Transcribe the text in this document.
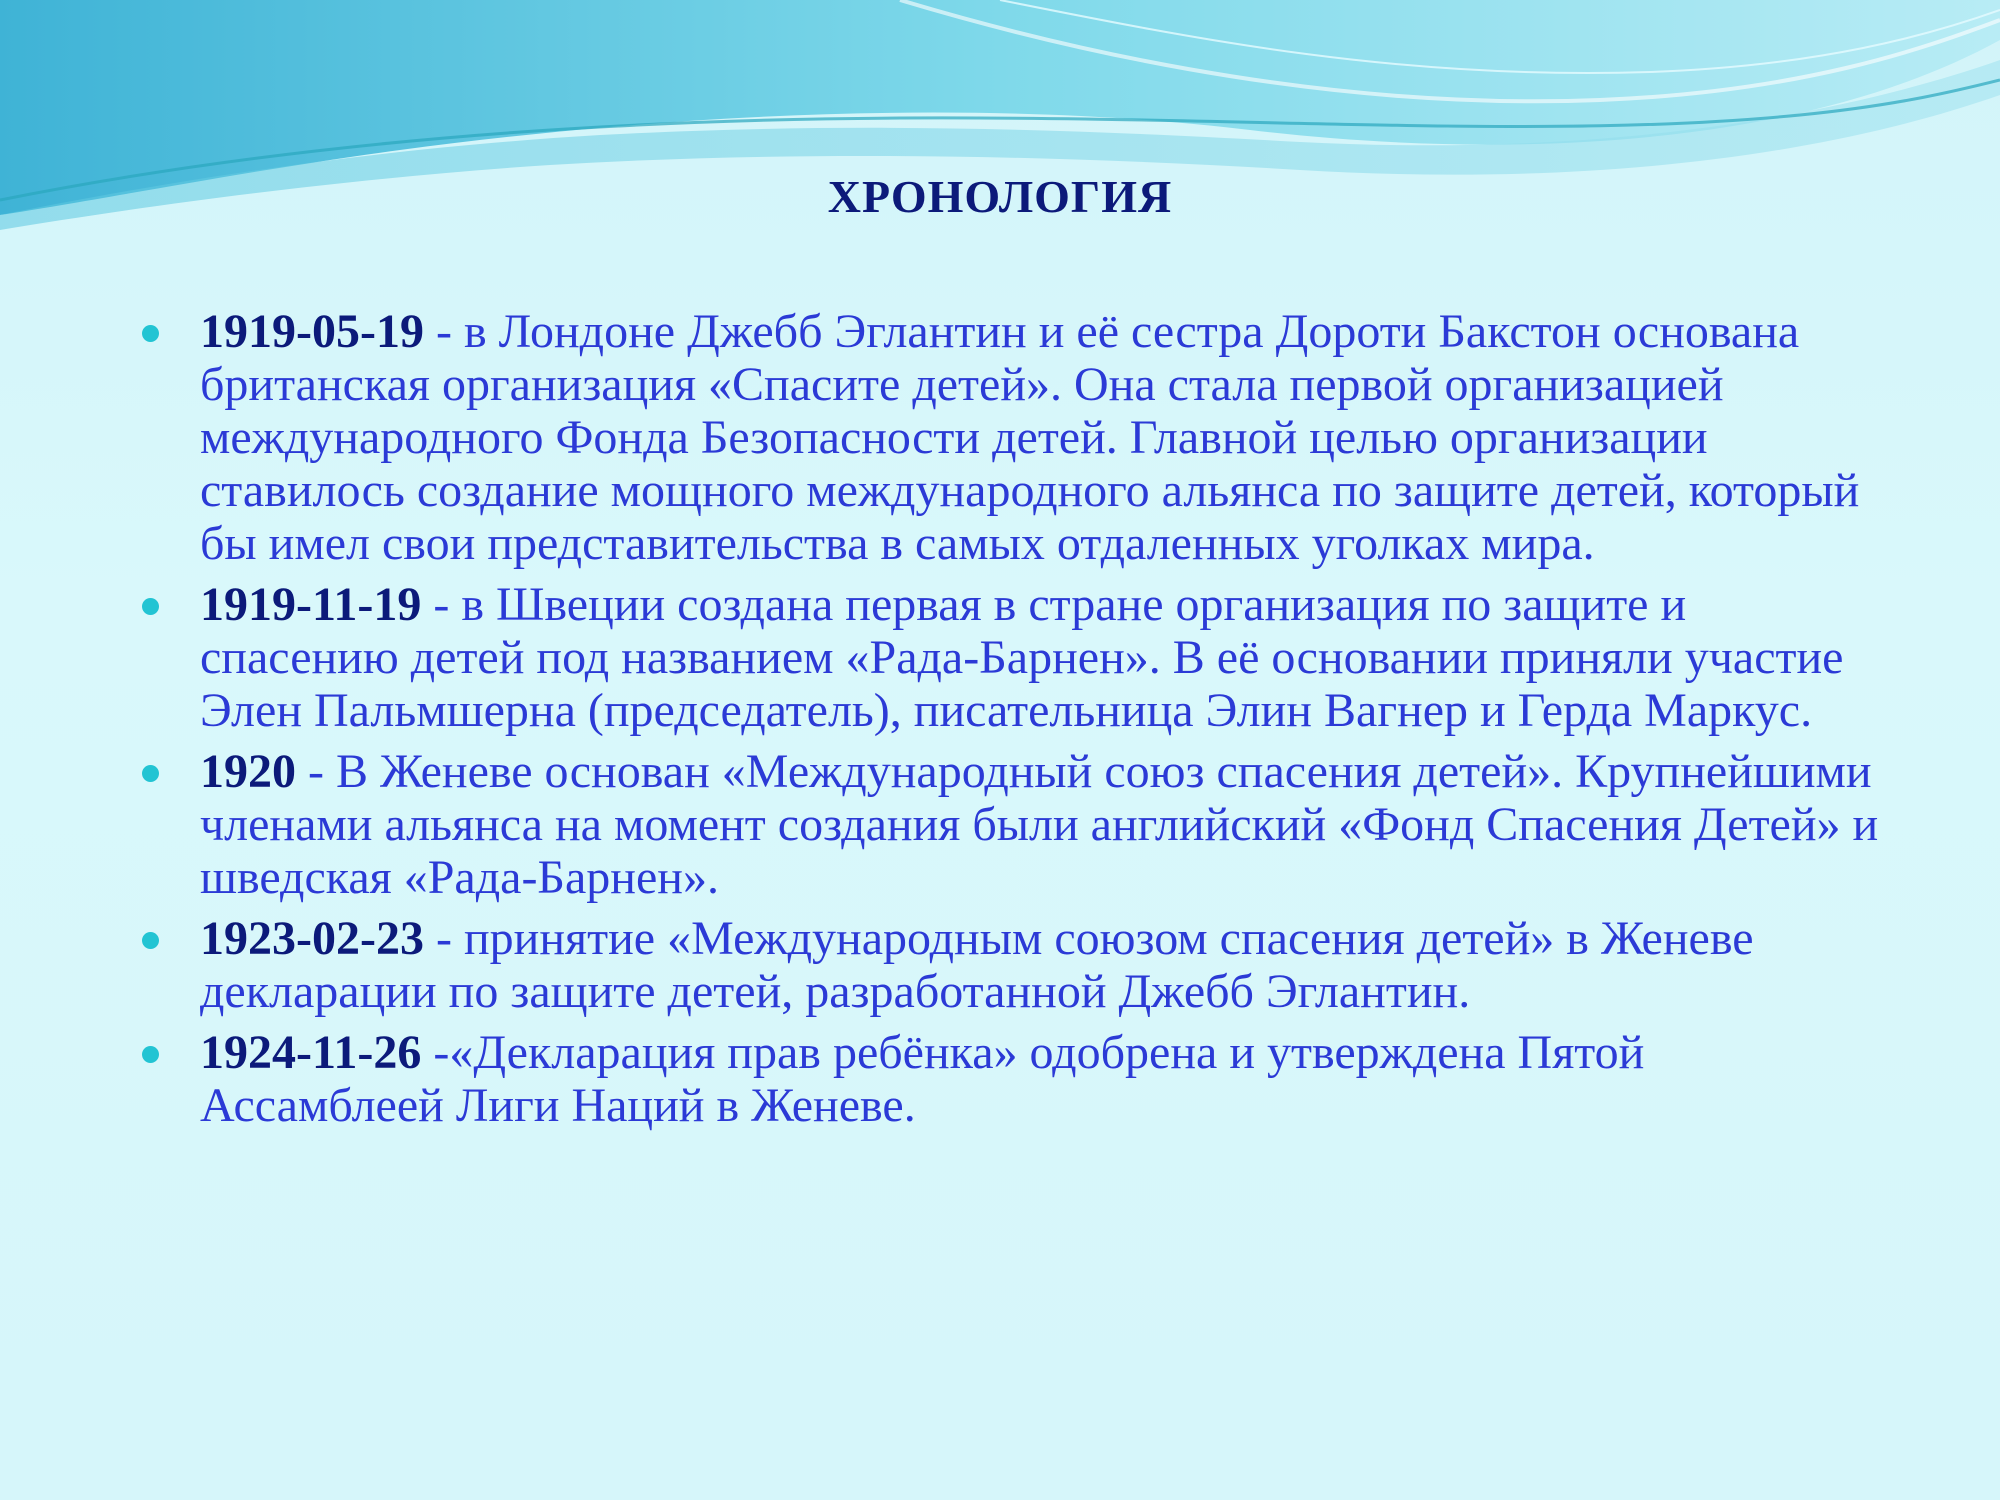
ХРОНОЛОГИЯ
1919-05-19 - в Лондоне Джебб Эглантин и её сестра Дороти Бакстон основана британская организация «Спасите детей». Она стала первой организацией международного Фонда Безопасности детей. Главной целью организации ставилось создание мощного международного альянса по защите детей, который бы имел свои представительства в самых отдаленных уголках мира.
1919-11-19 - в Швеции создана первая в стране организация по защите и спасению детей под названием «Рада-Барнен». В её основании приняли участие Элен Пальмшерна (председатель), писательница Элин Вагнер и Герда Маркус.
1920 - В Женеве основан «Международный союз спасения детей». Крупнейшими членами альянса на момент создания были английский «Фонд Спасения Детей» и шведская «Рада-Барнен».
1923-02-23 - принятие «Международным союзом спасения детей» в Женеве декларации по защите детей, разработанной Джебб Эглантин.
1924-11-26 -«Декларация прав ребёнка» одобрена и утверждена Пятой Ассамблеей Лиги Наций в Женеве.
